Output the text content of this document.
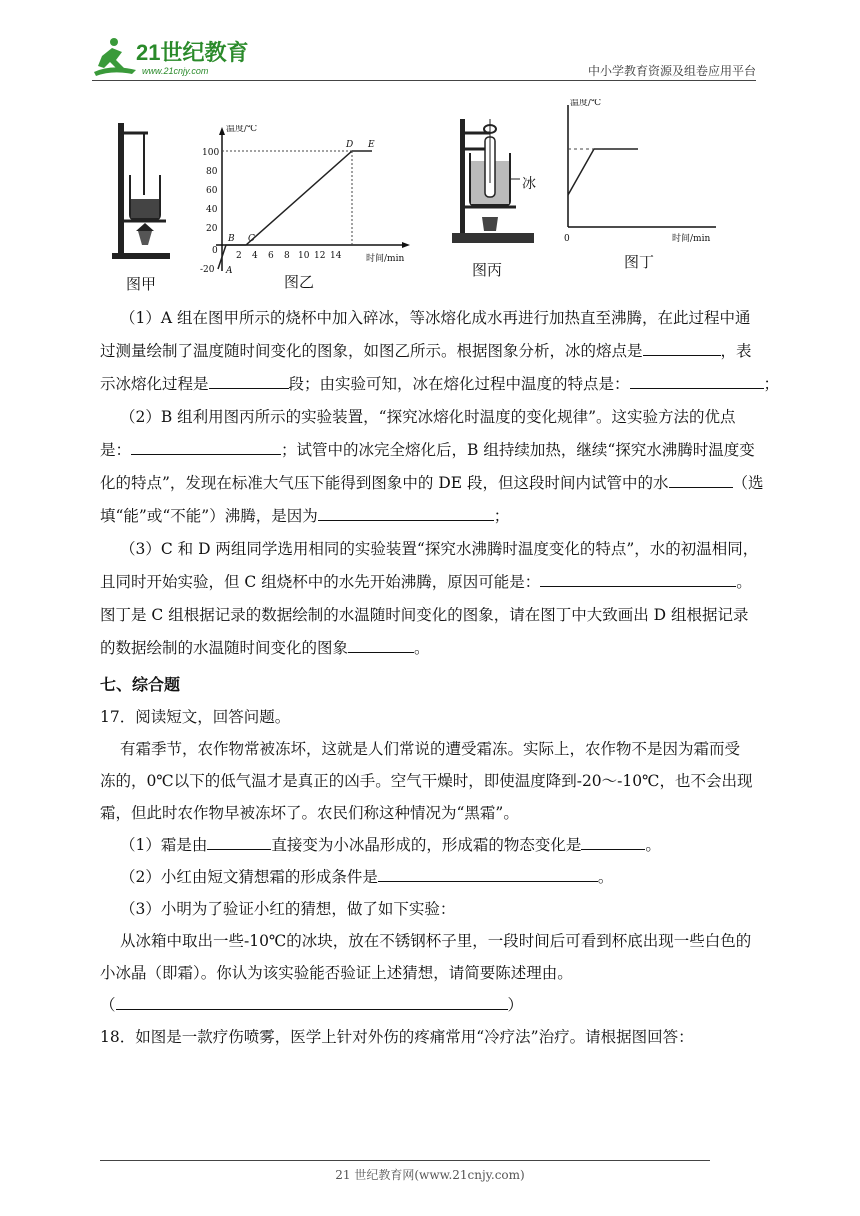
21世纪教育
www.21cnjy.com	中小学教育资源及组卷应用平台
图甲
温度/℃
时间/min
100
80
60
40
20
0
-20
2 4 6 8 10 12 14
A
B C
D E
图乙
冰
图丙
温度/℃
时间/min
0
图丁

（1）A 组在图甲所示的烧杯中加入碎冰，等冰熔化成水再进行加热直至沸腾，在此过程中通

过测量绘制了温度随时间变化的图象，如图乙所示。根据图象分析，冰的熔点是	，表

示冰熔化过程是	段；由实验可知，冰在熔化过程中温度的特点是：	；

（2）B 组利用图丙所示的实验装置，“探究冰熔化时温度的变化规律”。这实验方法的优点

是：	；试管中的冰完全熔化后，B 组持续加热，继续“探究水沸腾时温度变

化的特点”，发现在标准大气压下能得到图象中的 DE 段，但这段时间内试管中的水	（选

填“能”或“不能”）沸腾，是因为	；

（3）C 和 D 两组同学选用相同的实验装置“探究水沸腾时温度变化的特点”，水的初温相同，

且同时开始实验，但 C 组烧杯中的水先开始沸腾，原因可能是：	。

图丁是 C 组根据记录的数据绘制的水温随时间变化的图象，请在图丁中大致画出 D 组根据记录

的数据绘制的水温随时间变化的图象	。

七、综合题

17．阅读短文，回答问题。

有霜季节，农作物常被冻坏，这就是人们常说的遭受霜冻。实际上，农作物不是因为霜而受

冻的，0℃以下的低气温才是真正的凶手。空气干燥时，即使温度降到-20～-10℃，也不会出现

霜，但此时农作物早被冻坏了。农民们称这种情况为“黑霜”。

（1）霜是由	直接变为小冰晶形成的，形成霜的物态变化是	。

（2）小红由短文猜想霜的形成条件是	。

（3）小明为了验证小红的猜想，做了如下实验：

从冰箱中取出一些-10℃的冰块，放在不锈钢杯子里，一段时间后可看到杯底出现一些白色的

小冰晶（即霜）。你认为该实验能否验证上述猜想，请简要陈述理由。

（	）

18．如图是一款疗伤喷雾，医学上针对外伤的疼痛常用“冷疗法”治疗。请根据图回答：

21 世纪教育网(www.21cnjy.com)
